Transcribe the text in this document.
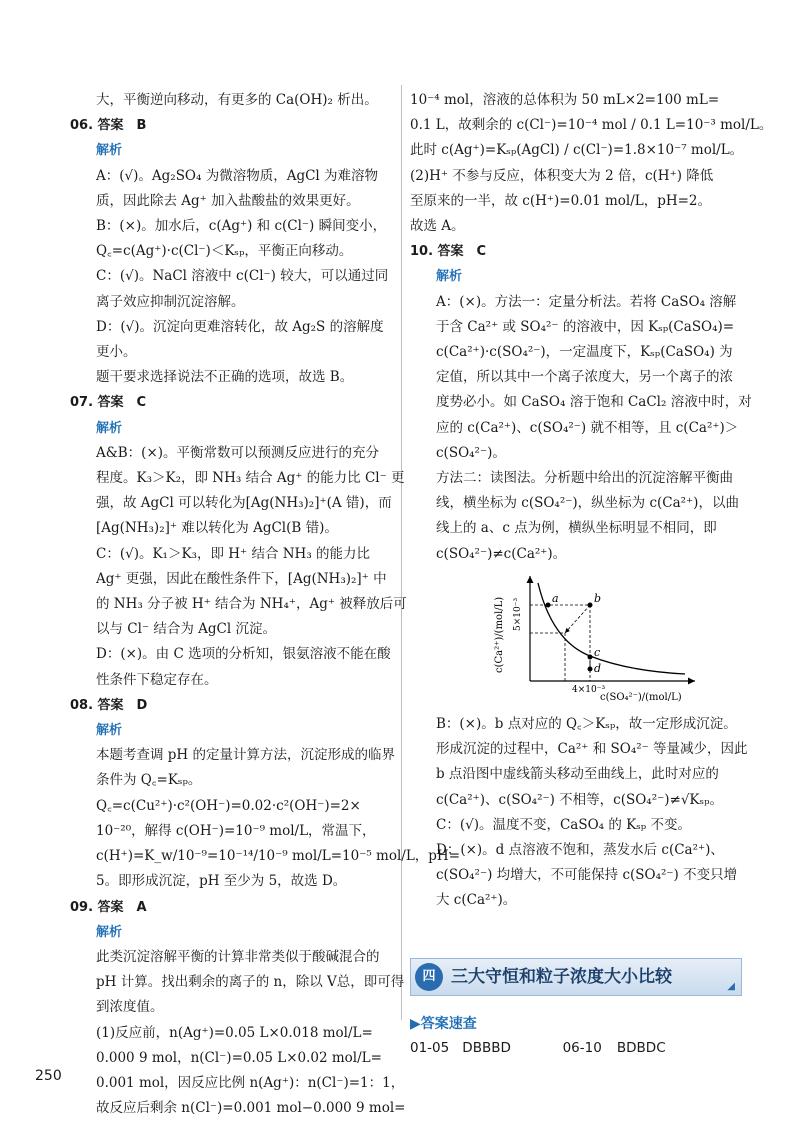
大，平衡逆向移动，有更多的 Ca(OH)₂ 析出。
06. 答案　B
解析
A：(√)。Ag₂SO₄ 为微溶物质，AgCl 为难溶物
质，因此除去 Ag⁺ 加入盐酸盐的效果更好。
B：(×)。加水后，c(Ag⁺) 和 c(Cl⁻) 瞬间变小，
Q꜀=c(Ag⁺)·c(Cl⁻)＜Kₛₚ，平衡正向移动。
C：(√)。NaCl 溶液中 c(Cl⁻) 较大，可以通过同
离子效应抑制沉淀溶解。
D：(√)。沉淀向更难溶转化，故 Ag₂S 的溶解度
更小。
题干要求选择说法不正确的选项，故选 B。
07. 答案　C
解析
A&B：(×)。平衡常数可以预测反应进行的充分
程度。K₃＞K₂，即 NH₃ 结合 Ag⁺ 的能力比 Cl⁻ 更
强，故 AgCl 可以转化为[Ag(NH₃)₂]⁺(A 错)，而
[Ag(NH₃)₂]⁺ 难以转化为 AgCl(B 错)。
C：(√)。K₁＞K₃，即 H⁺ 结合 NH₃ 的能力比
Ag⁺ 更强，因此在酸性条件下，[Ag(NH₃)₂]⁺ 中
的 NH₃ 分子被 H⁺ 结合为 NH₄⁺，Ag⁺ 被释放后可
以与 Cl⁻ 结合为 AgCl 沉淀。
D：(×)。由 C 选项的分析知，银氨溶液不能在酸
性条件下稳定存在。
08. 答案　D
解析
本题考查调 pH 的定量计算方法，沉淀形成的临界
条件为 Q꜀=Kₛₚ。
Q꜀=c(Cu²⁺)·c²(OH⁻)=0.02·c²(OH⁻)=2×
10⁻²⁰，解得 c(OH⁻)=10⁻⁹ mol/L，常温下，
c(H⁺)=K_w/10⁻⁹=10⁻¹⁴/10⁻⁹ mol/L=10⁻⁵ mol/L，pH=
5。即形成沉淀，pH 至少为 5，故选 D。
09. 答案　A
解析
此类沉淀溶解平衡的计算非常类似于酸碱混合的
pH 计算。找出剩余的离子的 n，除以 V总，即可得
到浓度值。
(1)反应前，n(Ag⁺)=0.05 L×0.018 mol/L=
0.000 9 mol，n(Cl⁻)=0.05 L×0.02 mol/L=
0.001 mol，因反应比例 n(Ag⁺)：n(Cl⁻)=1：1，
故反应后剩余 n(Cl⁻)=0.001 mol−0.000 9 mol=
10⁻⁴ mol，溶液的总体积为 50 mL×2=100 mL=
0.1 L，故剩余的 c(Cl⁻)=10⁻⁴ mol / 0.1 L=10⁻³ mol/L。
此时 c(Ag⁺)=Kₛₚ(AgCl) / c(Cl⁻)=1.8×10⁻⁷ mol/L。
(2)H⁺ 不参与反应，体积变大为 2 倍，c(H⁺) 降低
至原来的一半，故 c(H⁺)=0.01 mol/L，pH=2。
故选 A。
10. 答案　C
解析
A：(×)。方法一：定量分析法。若将 CaSO₄ 溶解
于含 Ca²⁺ 或 SO₄²⁻ 的溶液中，因 Kₛₚ(CaSO₄)=
c(Ca²⁺)·c(SO₄²⁻)，一定温度下，Kₛₚ(CaSO₄) 为
定值，所以其中一个离子浓度大，另一个离子的浓
度势必小。如 CaSO₄ 溶于饱和 CaCl₂ 溶液中时，对
应的 c(Ca²⁺)、c(SO₄²⁻) 就不相等，且 c(Ca²⁺)＞
c(SO₄²⁻)。
方法二：读图法。分析题中给出的沉淀溶解平衡曲
线，横坐标为 c(SO₄²⁻)，纵坐标为 c(Ca²⁺)，以曲
线上的 a、c 点为例，横纵坐标明显不相同，即
c(SO₄²⁻)≠c(Ca²⁺)。
a	b
c
d
c(Ca²⁺)/(mol/L) 5×10⁻³
4×10⁻³
c(SO₄²⁻)/(mol/L)
B：(×)。b 点对应的 Q꜀＞Kₛₚ，故一定形成沉淀。
形成沉淀的过程中，Ca²⁺ 和 SO₄²⁻ 等量减少，因此
b 点沿图中虚线箭头移动至曲线上，此时对应的
c(Ca²⁺)、c(SO₄²⁻) 不相等，c(SO₄²⁻)≠√Kₛₚ。
C：(√)。温度不变，CaSO₄ 的 Kₛₚ 不变。
D：(×)。d 点溶液不饱和，蒸发水后 c(Ca²⁺)、
c(SO₄²⁻) 均增大，不可能保持 c(SO₄²⁻) 不变只增
大 c(Ca²⁺)。
四 三大守恒和粒子浓度大小比较	◢
▶答案速查
01-05 DBBBD	06-10 BDBDC
250
